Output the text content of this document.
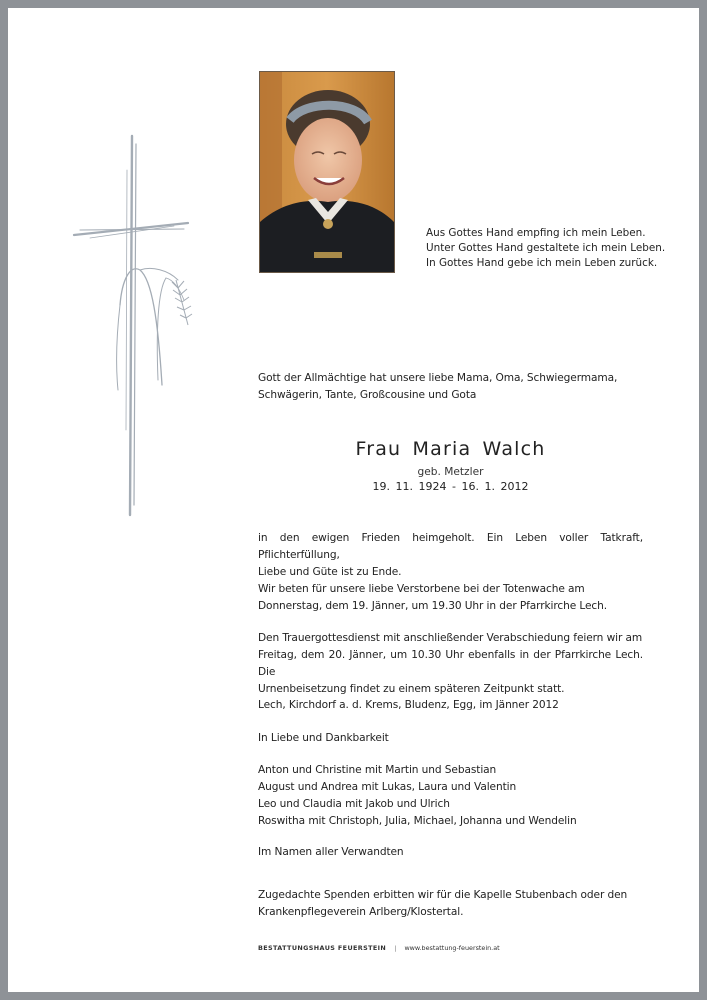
Aus Gottes Hand empfing ich mein Leben.
Unter Gottes Hand gestaltete ich mein Leben.
In Gottes Hand gebe ich mein Leben zurück.
Gott der Allmächtige hat unsere liebe Mama, Oma, Schwiegermama,
Schwägerin, Tante, Großcousine und Gota
Frau Maria Walch
geb. Metzler
19. 11. 1924 - 16. 1. 2012
in den ewigen Frieden heimgeholt. Ein Leben voller Tatkraft, Pflichterfüllung,
Liebe und Güte ist zu Ende.
Wir beten für unsere liebe Verstorbene bei der Totenwache am
Donnerstag, dem 19. Jänner, um 19.30 Uhr in der Pfarrkirche Lech.
Den Trauergottesdienst mit anschließender Verabschiedung feiern wir am
Freitag, dem 20. Jänner, um 10.30 Uhr ebenfalls in der Pfarrkirche Lech. Die
Urnenbeisetzung findet zu einem späteren Zeitpunkt statt.
Lech, Kirchdorf a. d. Krems, Bludenz, Egg, im Jänner 2012
In Liebe und Dankbarkeit
Anton und Christine mit Martin und Sebastian
August und Andrea mit Lukas, Laura und Valentin
Leo und Claudia mit Jakob und Ulrich
Roswitha mit Christoph, Julia, Michael, Johanna und Wendelin
Im Namen aller Verwandten
Zugedachte Spenden erbitten wir für die Kapelle Stubenbach oder den
Krankenpflegeverein Arlberg/Klostertal.
BESTATTUNGSHAUS FEUERSTEIN | www.bestattung-feuerstein.at
